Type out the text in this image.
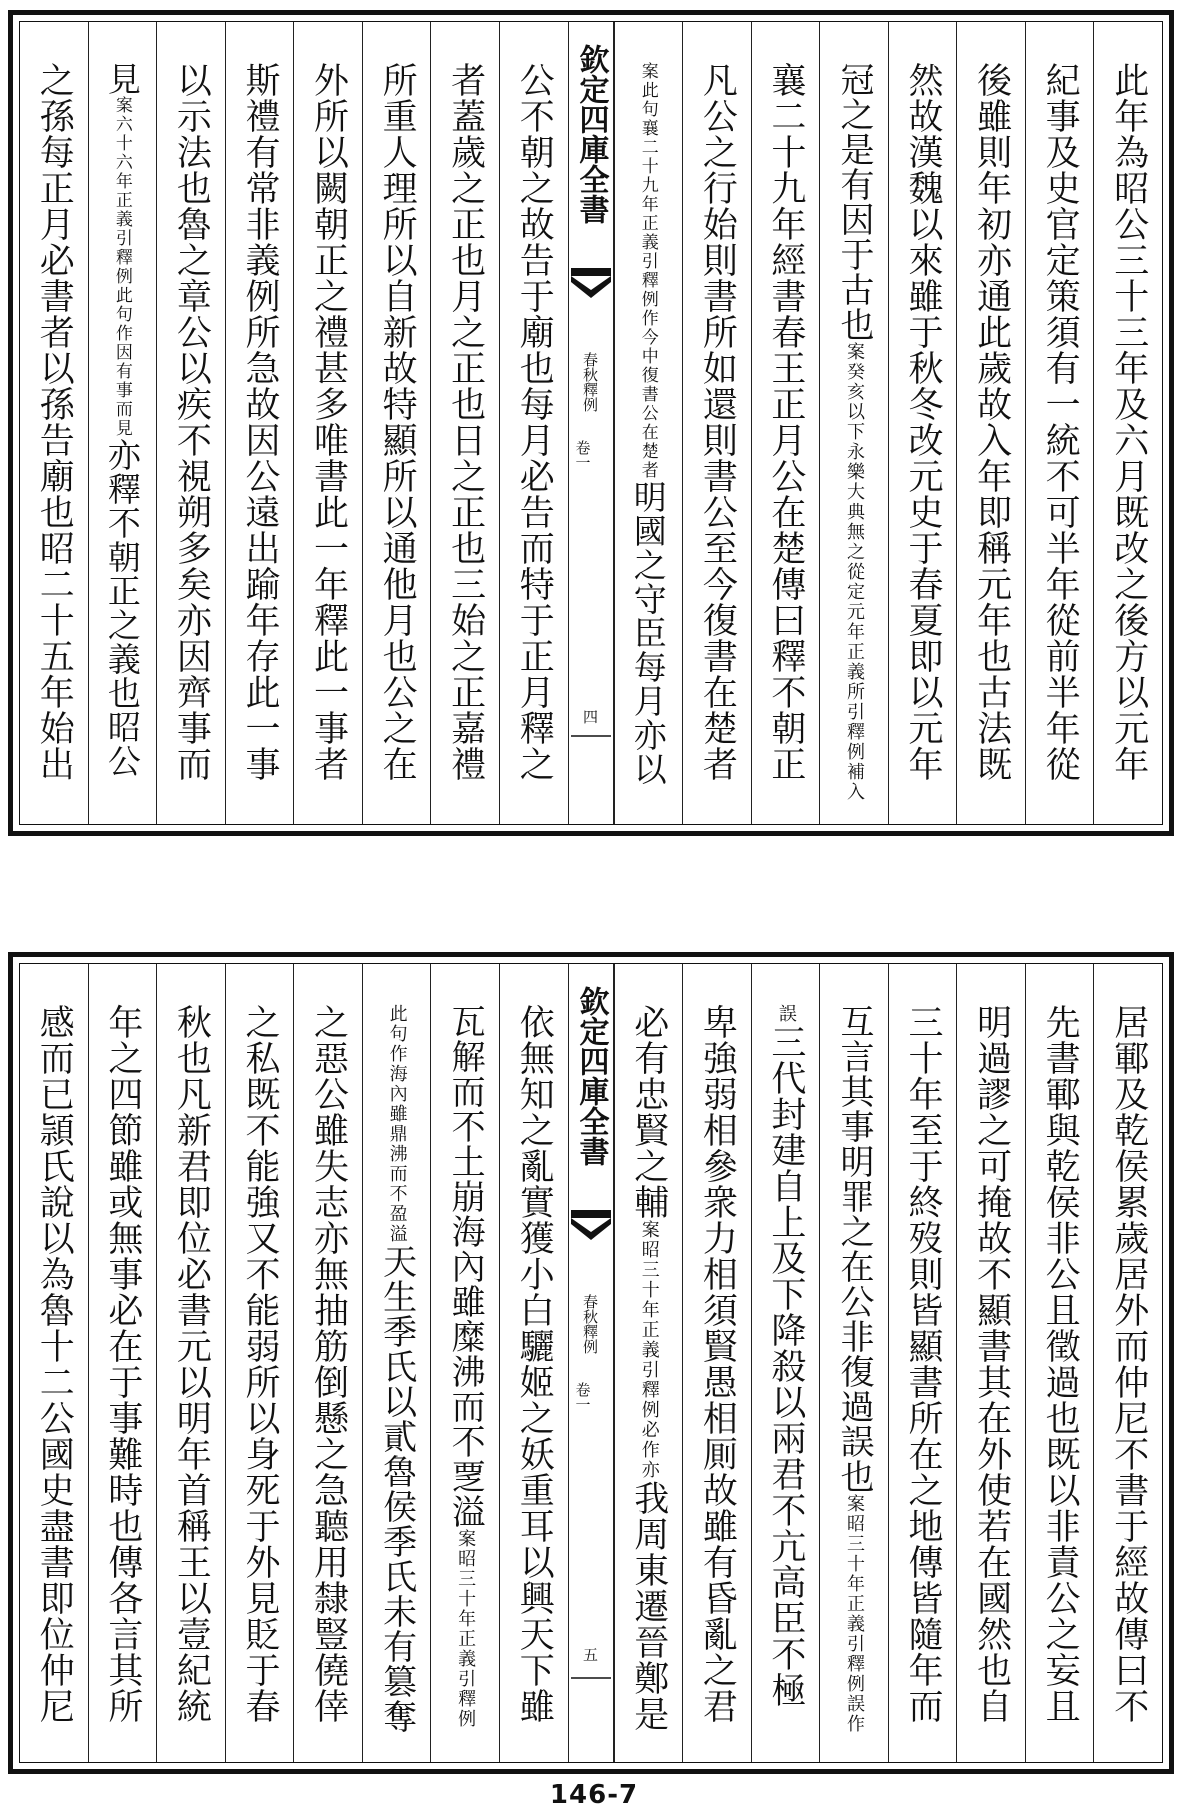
此年為昭公三十三年及六月既改之後方以元年
紀事及史官定策須有一統不可半年從前半年從
後雖則年初亦通此歲故入年即稱元年也古法既
然故漢魏以來雖于秋冬改元史于春夏即以元年
冠之是有因于古也案癸亥以下永樂大典無之從定元年正義所引釋例補入
襄二十九年經書春王正月公在楚傳曰釋不朝正
凡公之行始則書所如還則書公至今復書在楚者
案此句襄二十九年正義引釋例作今中復書公在楚者明國之守臣每月亦以
欽定四庫全書
春秋釋例
卷一
四
公不朝之故告于廟也每月必告而特于正月釋之
者蓋歲之正也月之正也日之正也三始之正嘉禮
所重人理所以自新故特顯所以通他月也公之在
外所以闕朝正之禮甚多唯書此一年釋此一事者
斯禮有常非義例所急故因公遠出踰年存此一事
以示法也魯之章公以疾不視朔多矣亦因齊事而
見案六十六年正義引釋例此句作因有事而見亦釋不朝正之義也昭公
之孫每正月必書者以孫告廟也昭二十五年始出
居鄆及乾侯累歲居外而仲尼不書于經故傳曰不
先書鄆與乾侯非公且徵過也既以非責公之妄且
明過謬之可掩故不顯書其在外使若在國然也自
三十年至于終歿則皆顯書所在之地傳皆隨年而
互言其事明罪之在公非復過誤也案昭三十年正義引釋例誤作
誤三代封建自上及下降殺以兩君不亢高臣不極
卑強弱相參衆力相須賢愚相厠故雖有昏亂之君
必有忠賢之輔案昭三十年正義引釋例必作亦我周東遷晉鄭是
欽定四庫全書
春秋釋例
卷一
五
依無知之亂實獲小白驪姬之妖重耳以興天下雖
瓦解而不土崩海內雖糜沸而不覂溢案昭三十年正義引釋例
此句作海內雖鼎沸而不盈溢天生季氏以貳魯侯季氏未有篡奪
之惡公雖失志亦無抽筋倒懸之急聽用隸豎僥倖
之私既不能強又不能弱所以身死于外見貶于春
秋也凡新君即位必書元以明年首稱王以壹紀統
年之四節雖或無事必在于事難時也傳各言其所
感而已頴氏說以為魯十二公國史盡書即位仲尼
146-7
